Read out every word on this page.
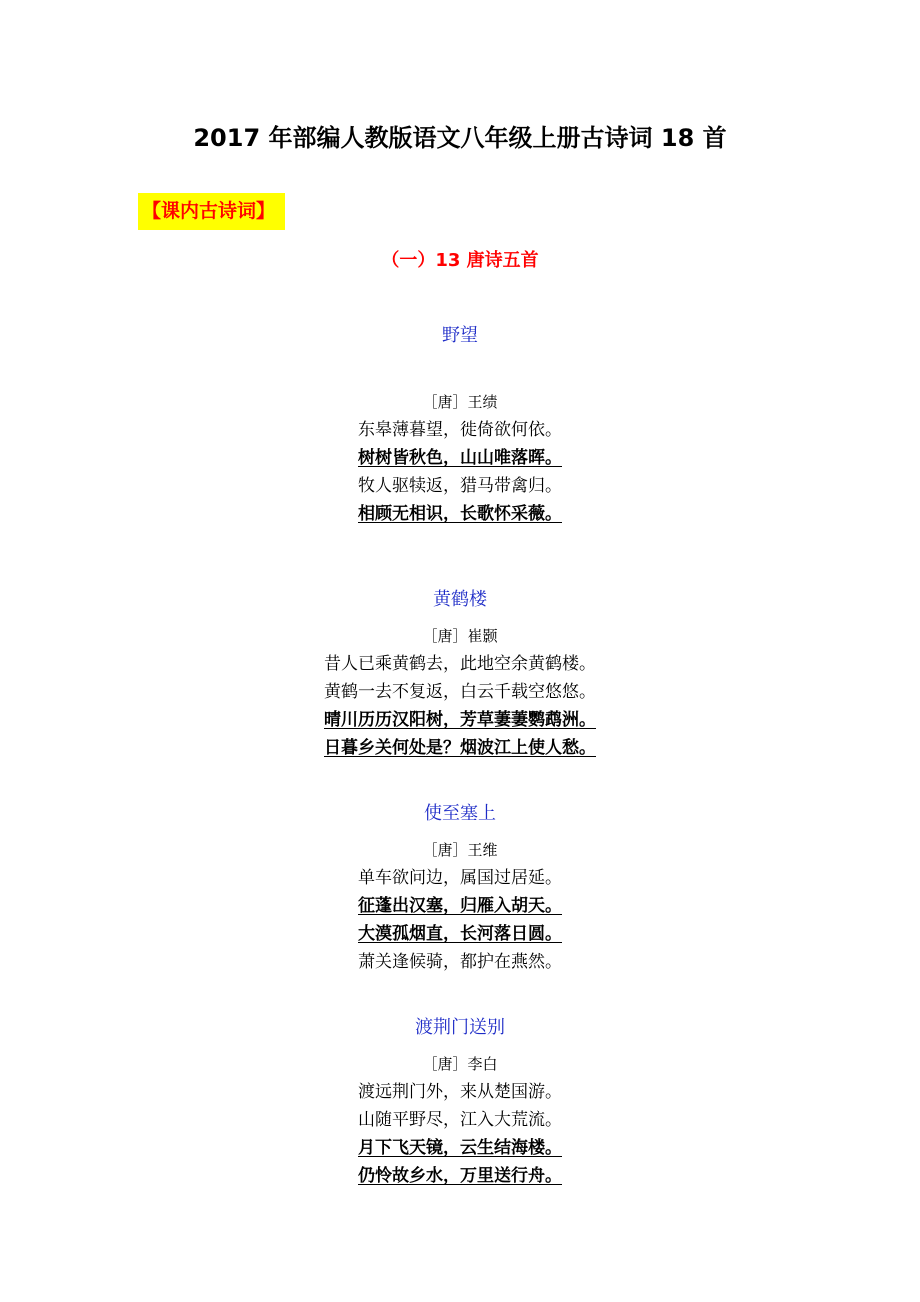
2017 年部编人教版语文八年级上册古诗词 18 首
【课内古诗词】
（一）13 唐诗五首
野望
［唐］王绩
东皋薄暮望，徙倚欲何依。
树树皆秋色，山山唯落晖。
牧人驱犊返，猎马带禽归。
相顾无相识，长歌怀采薇。
黄鹤楼
［唐］崔颢
昔人已乘黄鹤去，此地空余黄鹤楼。
黄鹤一去不复返，白云千载空悠悠。
晴川历历汉阳树，芳草萋萋鹦鹉洲。
日暮乡关何处是？烟波江上使人愁。
使至塞上
［唐］王维
单车欲问边，属国过居延。
征蓬出汉塞，归雁入胡天。
大漠孤烟直，长河落日圆。
萧关逢候骑，都护在燕然。
渡荆门送别
［唐］李白
渡远荆门外，来从楚国游。
山随平野尽，江入大荒流。
月下飞天镜，云生结海楼。
仍怜故乡水，万里送行舟。
